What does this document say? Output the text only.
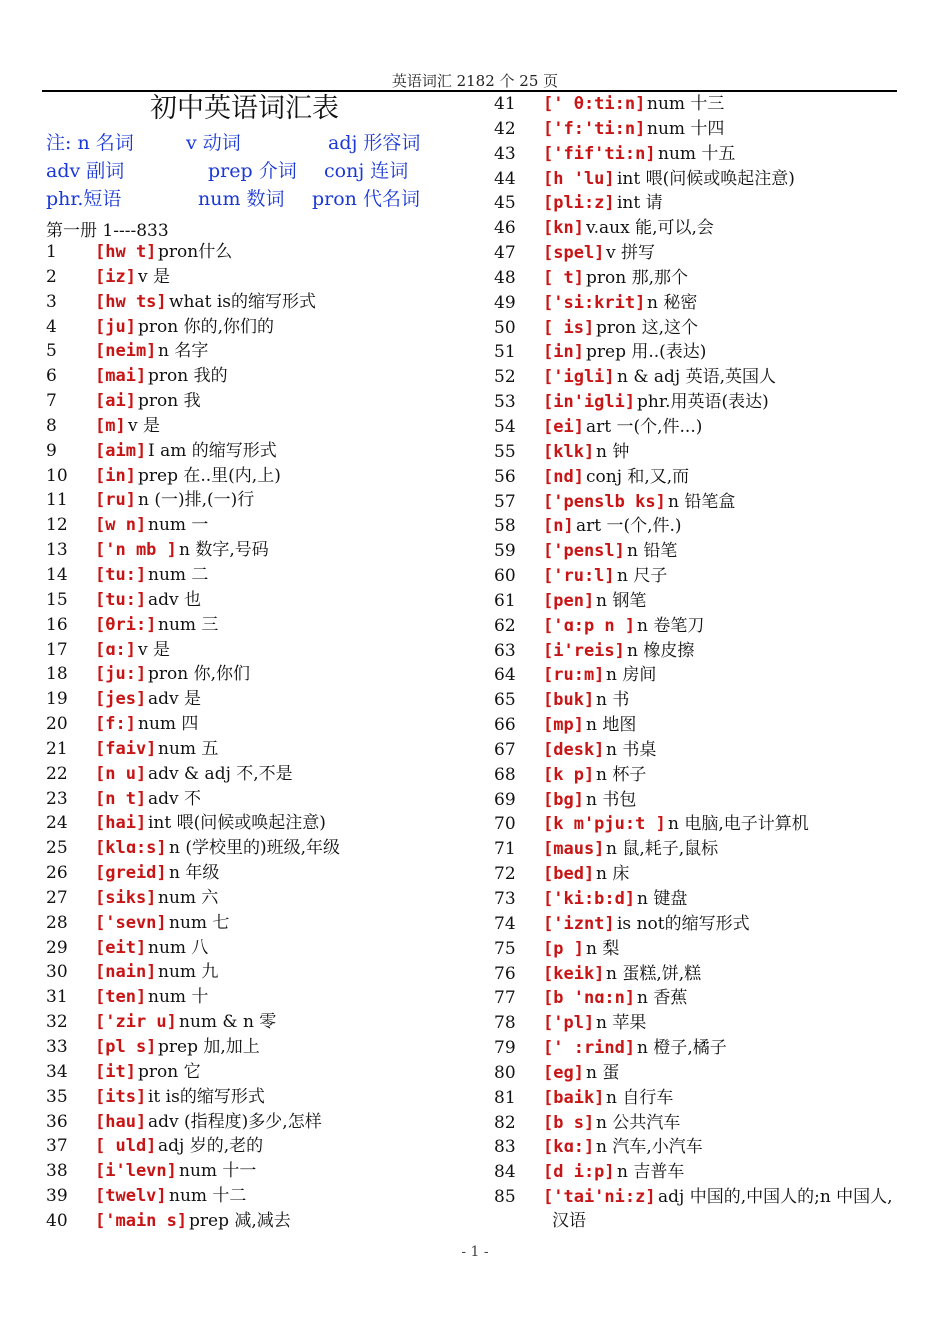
英语词汇 2182 个 25 页
初中英语词汇表
注: n 名词	v 动词	adj 形容词
adv 副词	prep 介词 conj 连词
phr.短语	num 数词 pron 代名词
第一册 1----833
1	[hw t] pron什么
2	[iz] v 是
3	[hw ts] what is的缩写形式
4	[ju] pron 你的,你们的
5	[neim] n 名字
6	[mai] pron 我的
7	[ai] pron 我
8	[m] v 是
9	[aim] I am 的缩写形式
10	[in] prep 在..里(内,上)
11	[ru] n (一)排,(一)行
12	[w n] num 一
13	['n mb ] n 数字,号码
14	[tu:] num 二
15	[tu:] adv 也
16	[θri:] num 三
17	[ɑ:] v 是
18	[ju:] pron 你,你们
19	[jes] adv 是
20	[f:] num 四
21	[faiv] num 五
22	[n u] adv & adj 不,不是
23	[n t] adv 不
24	[hai] int 喂(问候或唤起注意)
25	[klɑ:s] n (学校里的)班级,年级
26	[greid] n 年级
27	[siks] num 六
28	['sevn] num 七
29	[eit] num 八
30	[nain] num 九
31	[ten] num 十
32	['zir u] num & n 零
33	[pl s] prep 加,加上
34	[it] pron 它
35	[its] it is的缩写形式
36	[hau] adv (指程度)多少,怎样
37	[ uld] adj 岁的,老的
38	[i'levn] num 十一
39	[twelv] num 十二
40	['main s] prep 减,减去
41	[' θ:ti:n] num 十三
42	['f:'ti:n] num 十四
43	['fif'ti:n] num 十五
44	[h 'lu] int 喂(问候或唤起注意)
45	[pli:z] int 请
46	[kn] v.aux 能,可以,会
47	[spel] v 拼写
48	[ t] pron 那,那个
49	['si:krit] n 秘密
50	[ is] pron 这,这个
51	[in] prep 用..(表达)
52	['igli] n & adj 英语,英国人
53	[in'igli] phr.用英语(表达)
54	[ei] art 一(个,件...)
55	[klk] n 钟
56	[nd] conj 和,又,而
57	['penslb ks] n 铅笔盒
58	[n] art 一(个,件.)
59	['pensl] n 铅笔
60	['ru:l] n 尺子
61	[pen] n 钢笔
62	['ɑ:p n ] n 卷笔刀
63	[i'reis] n 橡皮擦
64	[ru:m] n 房间
65	[buk] n 书
66	[mp] n 地图
67	[desk] n 书桌
68	[k p] n 杯子
69	[bg] n 书包
70	[k m'pju:t ] n 电脑,电子计算机
71	[maus] n 鼠,耗子,鼠标
72	[bed] n 床
73	['ki:b:d] n 键盘
74	['iznt] is not的缩写形式
75	[p ] n 梨
76	[keik] n 蛋糕,饼,糕
77	[b 'nɑ:n] n 香蕉
78	['pl] n 苹果
79	[' :rind] n 橙子,橘子
80	[eg] n 蛋
81	[baik] n 自行车
82	[b s] n 公共汽车
83	[kɑ:] n 汽车,小汽车
84	[d i:p] n 吉普车
85	['tai'ni:z] adj 中国的,中国人的;n 中国人,
汉语
- 1 -
